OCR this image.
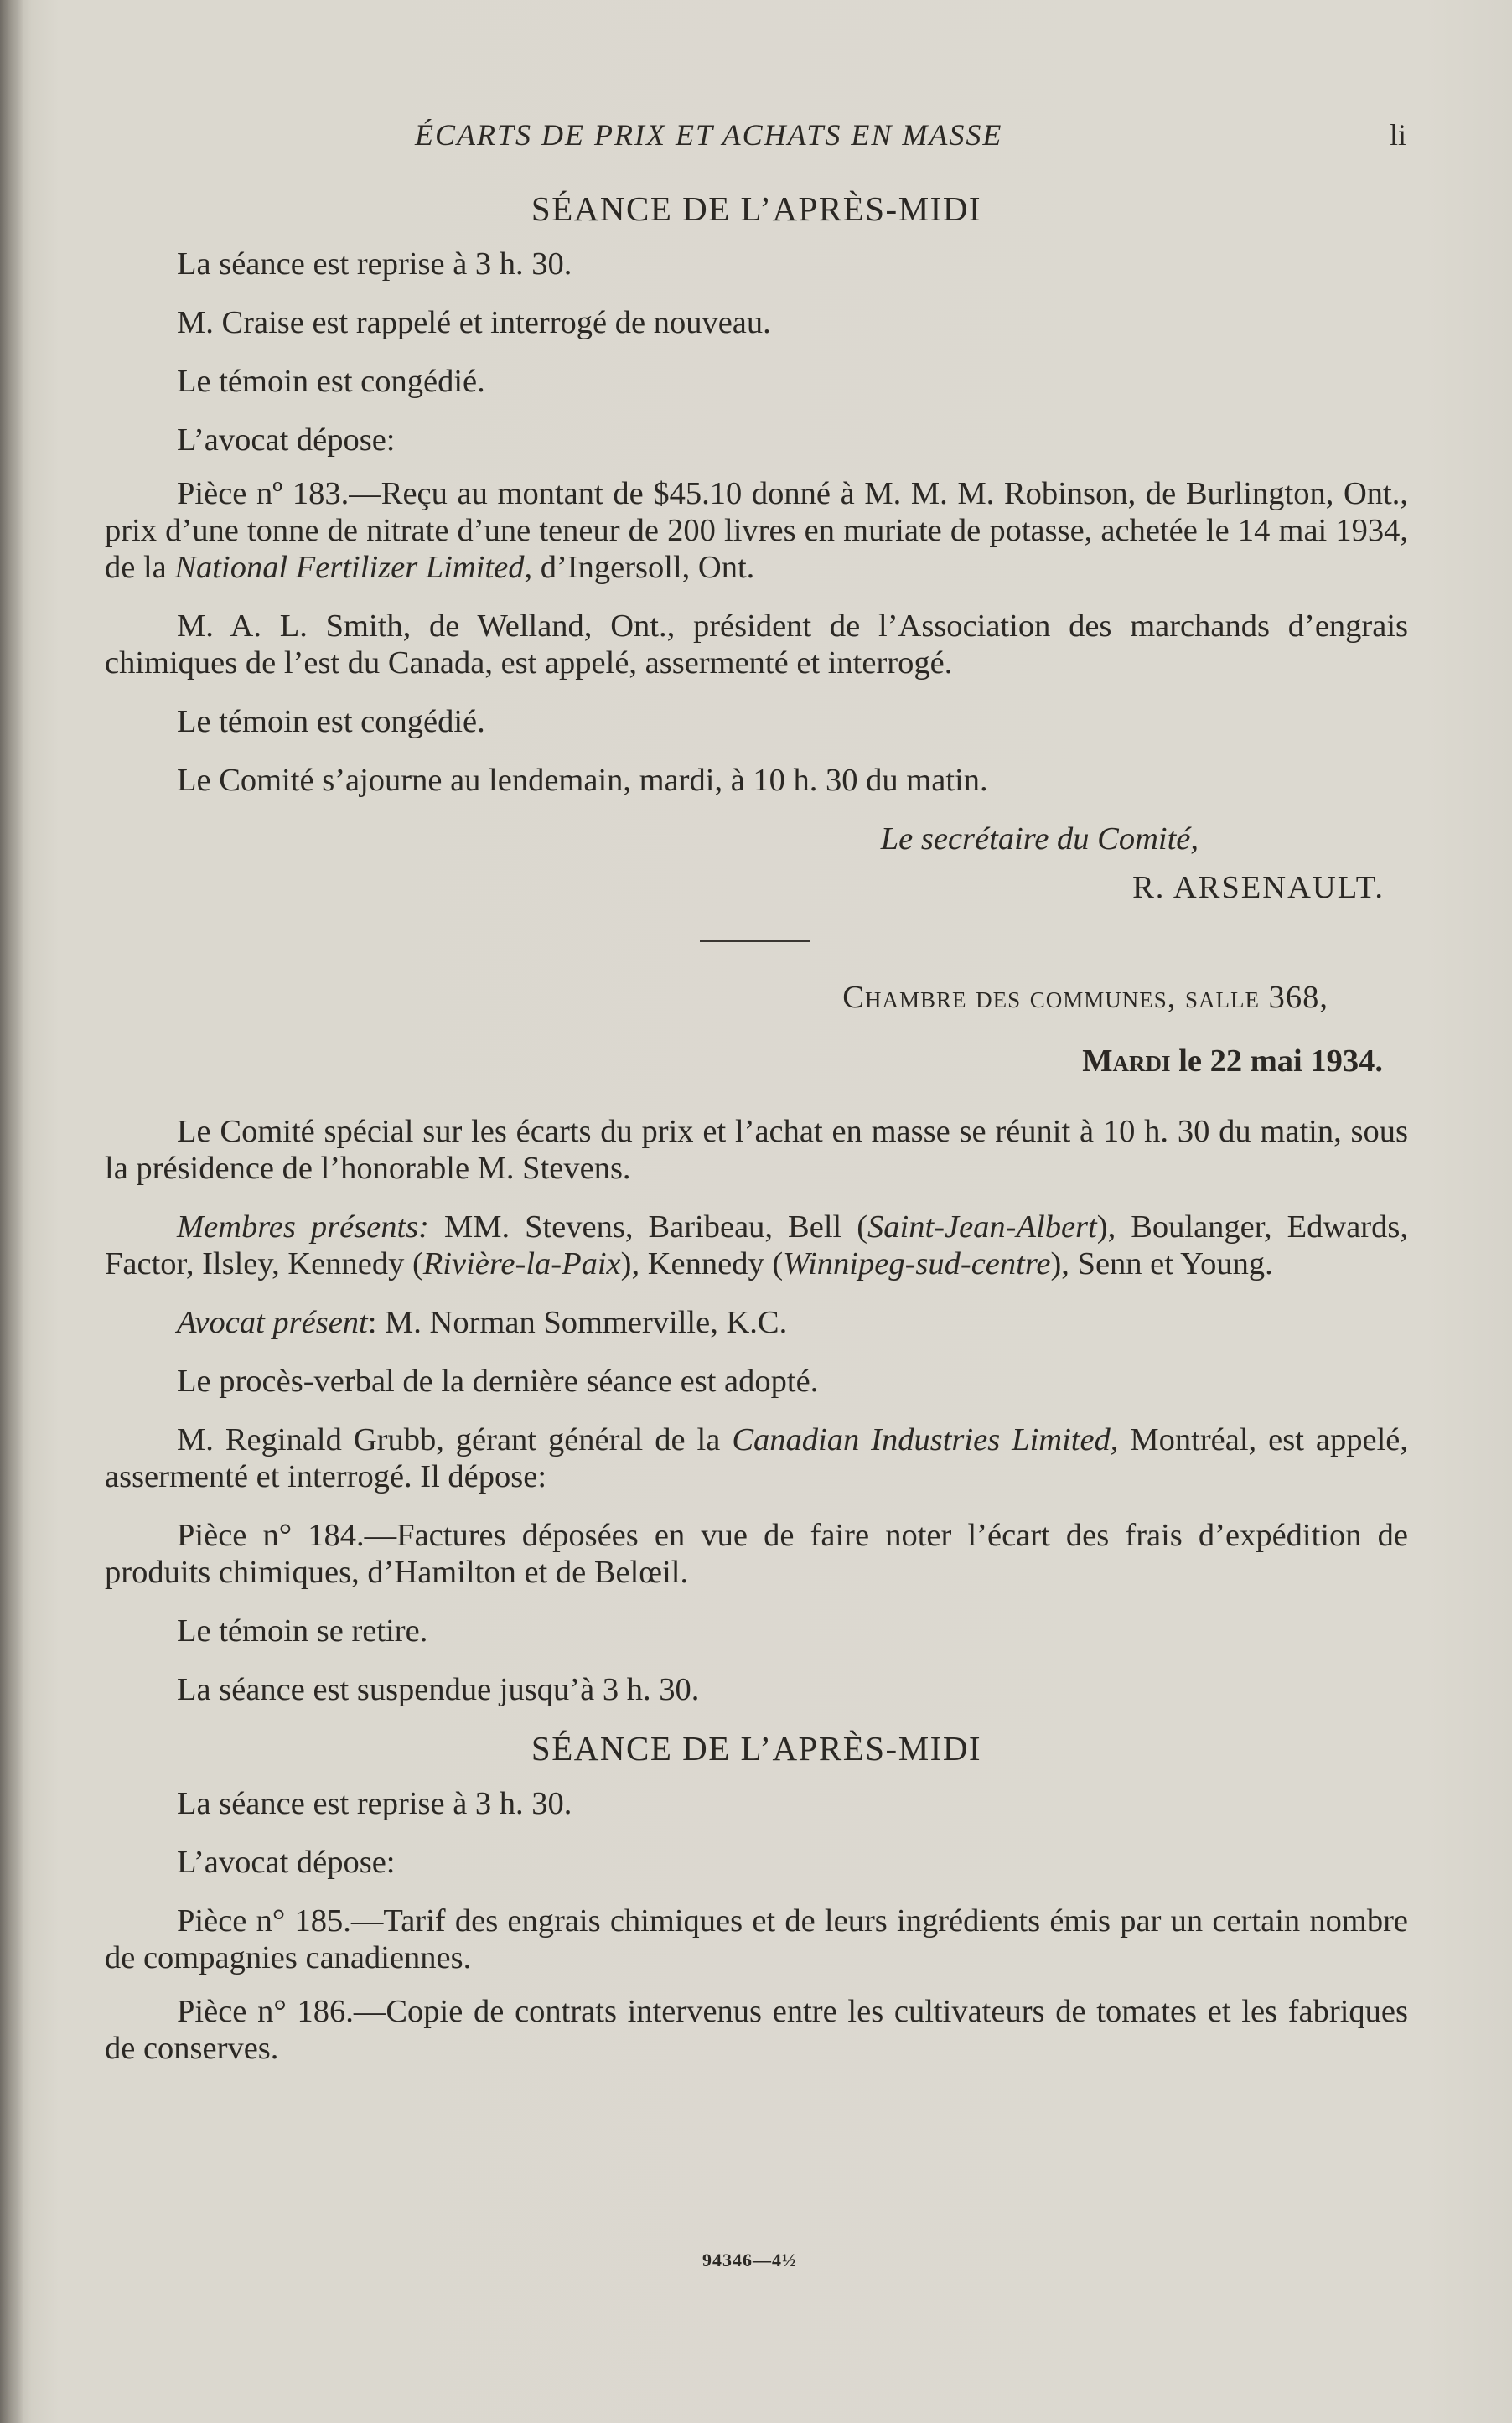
ÉCARTS DE PRIX ET ACHATS EN MASSE	li
SÉANCE DE L’APRÈS-MIDI

La séance est reprise à 3 h. 30.

M. Craise est rappelé et interrogé de nouveau.

Le témoin est congédié.

L’avocat dépose:

Pièce nº 183.—Reçu au montant de $45.10 donné à M. M. M. Robinson, de Burlington, Ont., prix d’une tonne de nitrate d’une teneur de 200 livres en muriate de potasse, achetée le 14 mai 1934, de la National Fertilizer Limited, d’Ingersoll, Ont.

M. A. L. Smith, de Welland, Ont., président de l’Association des marchands d’engrais chimiques de l’est du Canada, est appelé, assermenté et interrogé.

Le témoin est congédié.

Le Comité s’ajourne au lendemain, mardi, à 10 h. 30 du matin.

Le secrétaire du Comité,
R. ARSENAULT.
Chambre des communes, salle 368,
Mardi le 22 mai 1934.

Le Comité spécial sur les écarts du prix et l’achat en masse se réunit à 10 h. 30 du matin, sous la présidence de l’honorable M. Stevens.

Membres présents: MM. Stevens, Baribeau, Bell (Saint-Jean-Albert), Boulanger, Edwards, Factor, Ilsley, Kennedy (Rivière-la-Paix), Kennedy (Winnipeg-sud-centre), Senn et Young.

Avocat présent: M. Norman Sommerville, K.C.

Le procès-verbal de la dernière séance est adopté.

M. Reginald Grubb, gérant général de la Canadian Industries Limited, Montréal, est appelé, assermenté et interrogé. Il dépose:

Pièce n° 184.—Factures déposées en vue de faire noter l’écart des frais d’expédition de produits chimiques, d’Hamilton et de Belœil.

Le témoin se retire.

La séance est suspendue jusqu’à 3 h. 30.

SÉANCE DE L’APRÈS-MIDI

La séance est reprise à 3 h. 30.

L’avocat dépose:

Pièce n° 185.—Tarif des engrais chimiques et de leurs ingrédients émis par un certain nombre de compagnies canadiennes.

Pièce n° 186.—Copie de contrats intervenus entre les cultivateurs de tomates et les fabriques de conserves.

94346—4½
